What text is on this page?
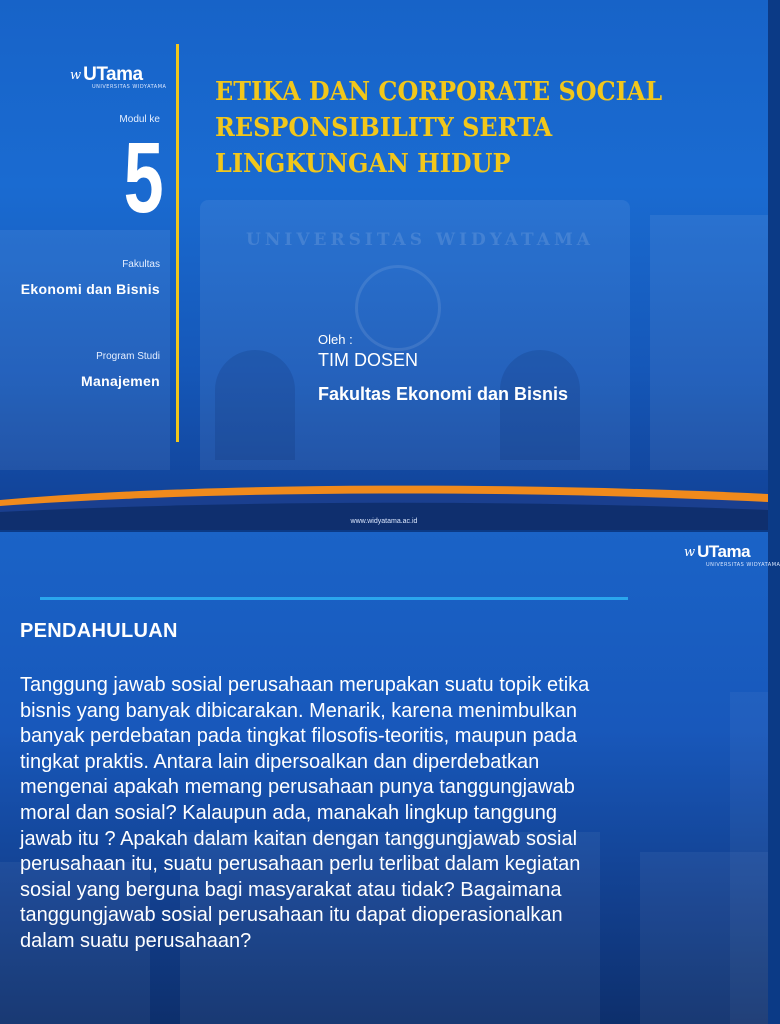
UNIVERSITAS WIDYATAMA
w UTama
UNIVERSITAS WIDYATAMA
Modul ke
5
Fakultas
Ekonomi dan Bisnis
Program Studi
Manajemen
ETIKA DAN CORPORATE SOCIAL
RESPONSIBILITY SERTA
LINGKUNGAN HIDUP
Oleh :
TIM DOSEN
Fakultas Ekonomi dan Bisnis
www.widyatama.ac.id
w UTama
UNIVERSITAS WIDYATAMA
PENDAHULUAN
Tanggung jawab sosial perusahaan merupakan suatu topik etika
bisnis yang banyak dibicarakan. Menarik, karena menimbulkan
banyak perdebatan pada tingkat filosofis-teoritis, maupun pada
tingkat praktis. Antara lain dipersoalkan dan diperdebatkan
mengenai apakah memang perusahaan punya tanggungjawab
moral dan sosial? Kalaupun ada, manakah lingkup tanggung
jawab itu ? Apakah dalam kaitan dengan tanggungjawab sosial
perusahaan itu, suatu perusahaan perlu terlibat dalam kegiatan
sosial yang berguna bagi masyarakat atau tidak? Bagaimana
tanggungjawab sosial perusahaan itu dapat dioperasionalkan
dalam suatu perusahaan?
